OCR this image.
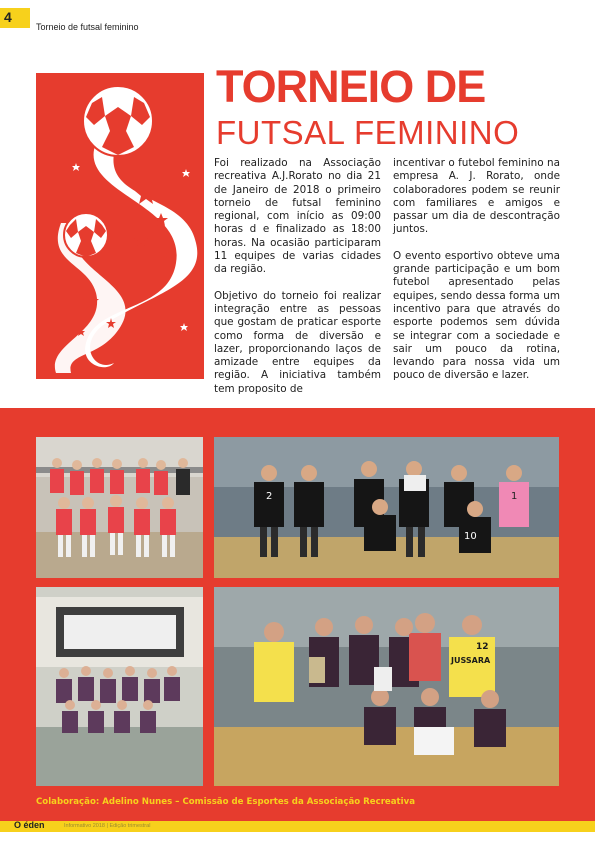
4
Torneio de futsal feminino
TORNEIO DE
FUTSAL FEMININO

Foi realizado na Associação recreativa A.J.Rorato no dia 21 de Janeiro de 2018 o primeiro torneio de futsal feminino regional, com início as 09:00 horas d e finalizado as 18:00 horas. Na ocasião participaram 11 equipes de varias cidades da região.

Objetivo do torneio foi realizar integração entre as pessoas que gostam de praticar esporte como forma de diversão e lazer, proporcionando laços de amizade entre equipes da região. A iniciativa também tem proposito de

incentivar o futebol feminino na empresa A. J. Rorato, onde colaboradores podem se reunir com familiares e amigos e passar um dia de descontração juntos.

O evento esportivo obteve uma grande participação e um bom futebol apresentado pelas equipes, sendo dessa forma um incentivo para que através do esporte podemos sem dúvida se integrar com a sociedade e sair um pouco da rotina, levando para nossa vida um pouco de diversão e lazer.

2
10
1
12
JUSSARA
Colaboração: Adelino Nunes – Comissão de Esportes da Associação Recreativa
O éden	Informativo 2018 | Edição trimestral
